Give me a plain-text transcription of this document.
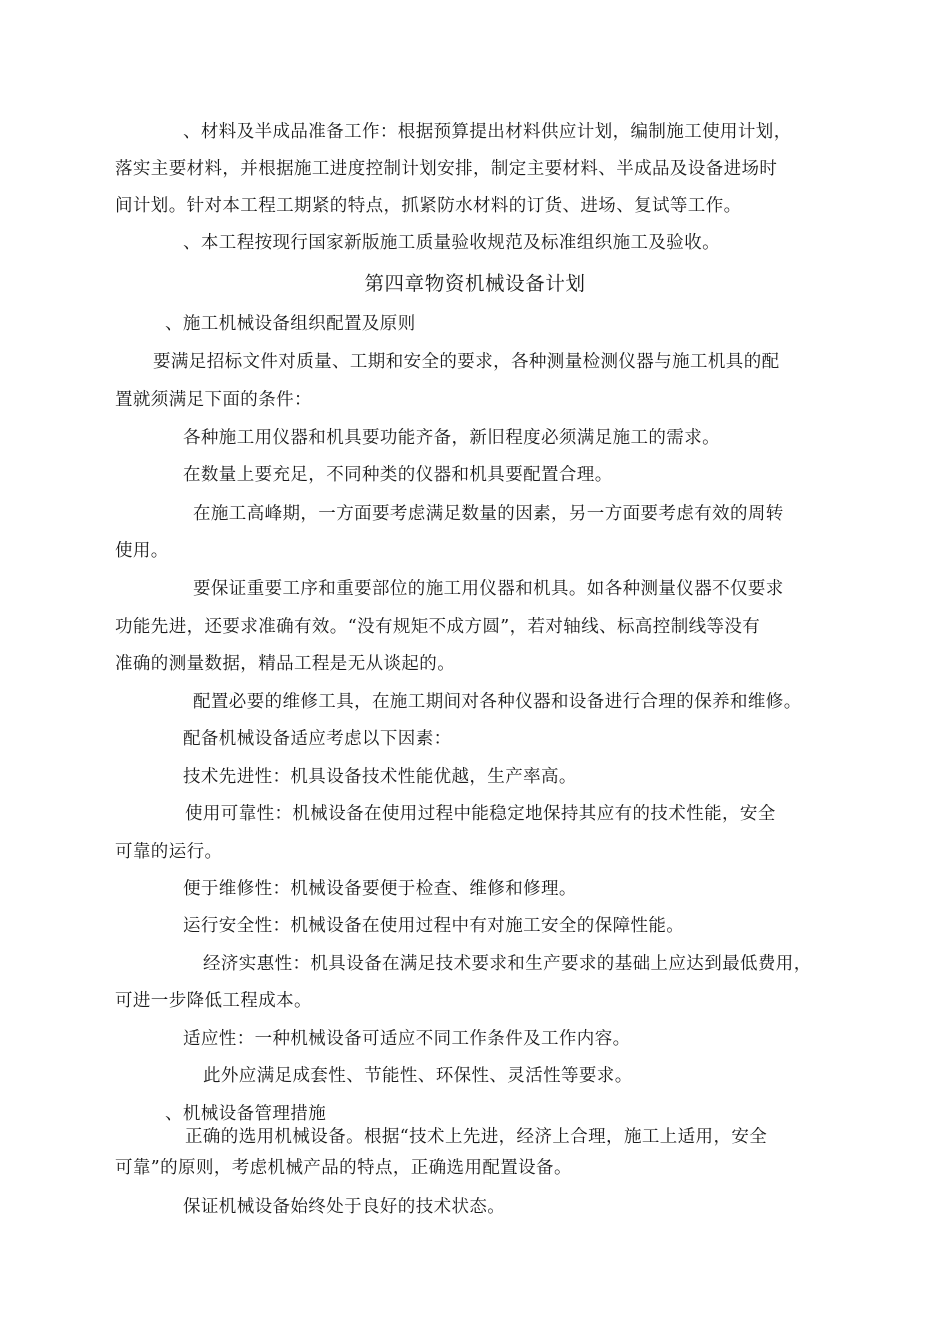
、材料及半成品准备工作：根据预算提出材料供应计划，编制施工使用计划，
落实主要材料，并根据施工进度控制计划安排，制定主要材料、半成品及设备进场时
间计划。针对本工程工期紧的特点，抓紧防水材料的订货、进场、复试等工作。
、本工程按现行国家新版施工质量验收规范及标准组织施工及验收。
第四章物资机械设备计划
、施工机械设备组织配置及原则
要满足招标文件对质量、工期和安全的要求，各种测量检测仪器与施工机具的配
置就须满足下面的条件：
各种施工用仪器和机具要功能齐备，新旧程度必须满足施工的需求。
在数量上要充足，不同种类的仪器和机具要配置合理。
在施工高峰期，一方面要考虑满足数量的因素，另一方面要考虑有效的周转
使用。
要保证重要工序和重要部位的施工用仪器和机具。如各种测量仪器不仅要求
功能先进，还要求准确有效。“没有规矩不成方圆”，若对轴线、标高控制线等没有
准确的测量数据，精品工程是无从谈起的。
配置必要的维修工具，在施工期间对各种仪器和设备进行合理的保养和维修。
配备机械设备适应考虑以下因素：
技术先进性：机具设备技术性能优越，生产率高。
使用可靠性：机械设备在使用过程中能稳定地保持其应有的技术性能，安全
可靠的运行。
便于维修性：机械设备要便于检查、维修和修理。
运行安全性：机械设备在使用过程中有对施工安全的保障性能。
经济实惠性：机具设备在满足技术要求和生产要求的基础上应达到最低费用，
可进一步降低工程成本。
适应性：一种机械设备可适应不同工作条件及工作内容。
此外应满足成套性、节能性、环保性、灵活性等要求。
、机械设备管理措施
正确的选用机械设备。根据“技术上先进，经济上合理，施工上适用，安全
可靠”的原则，考虑机械产品的特点，正确选用配置设备。
保证机械设备始终处于良好的技术状态。
